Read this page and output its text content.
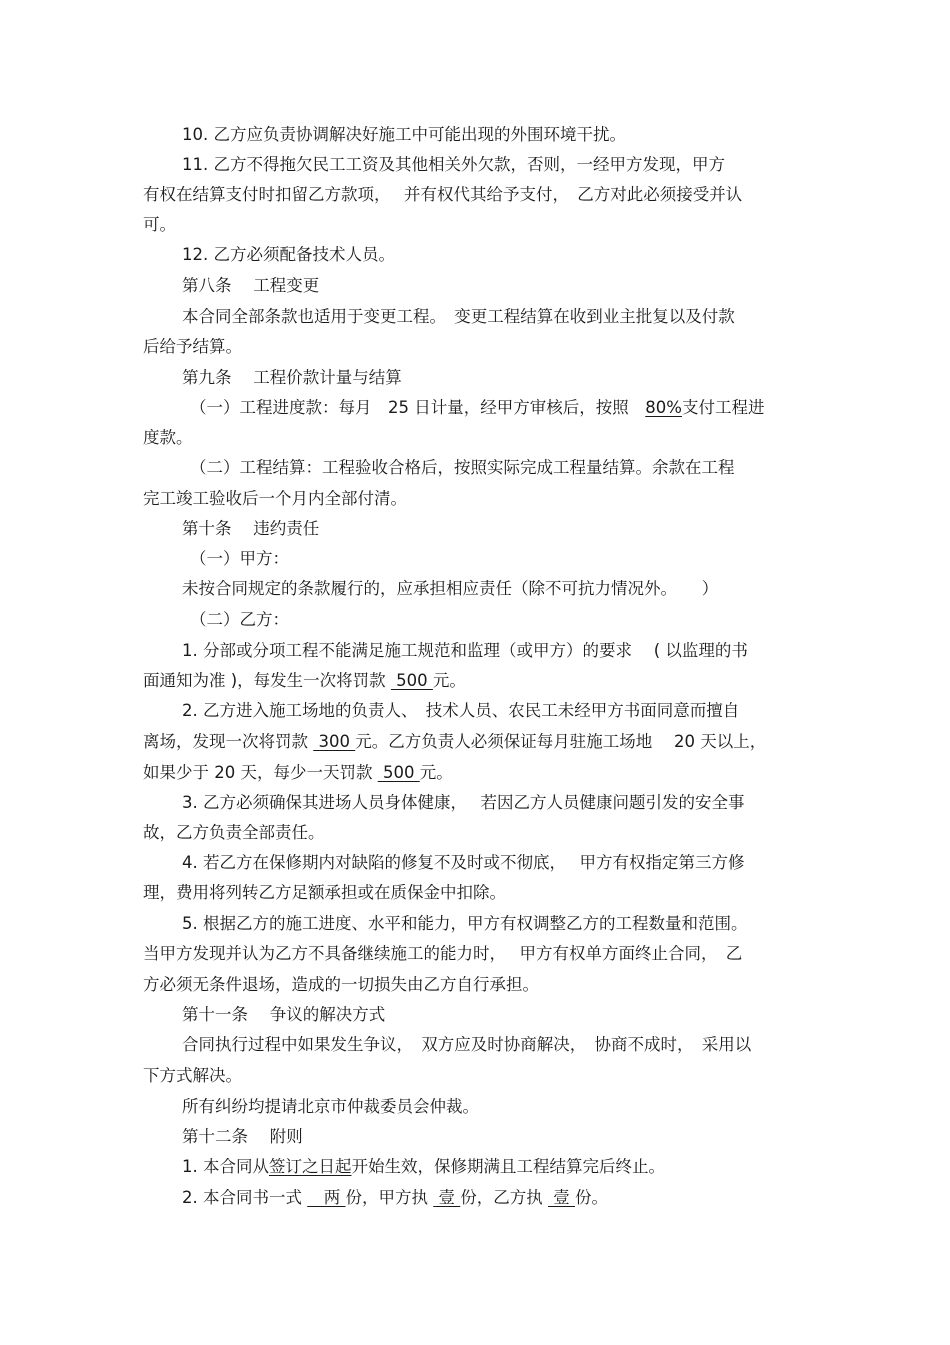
10. 乙方应负责协调解决好施工中可能出现的外围环境干扰。
11. 乙方不得拖欠民工工资及其他相关外欠款，否则，一经甲方发现，甲方
有权在结算支付时扣留乙方款项，　 并有权代其给予支付，　乙方对此必须接受并认
可。
12. 乙方必须配备技术人员。
第八条　 工程变更
本合同全部条款也适用于变更工程。　变更工程结算在收到业主批复以及付款
后给予结算。
第九条　 工程价款计量与结算
（一）工程进度款：每月　25 日计量，经甲方审核后，按照　80%支付工程进
度款。
（二）工程结算：工程验收合格后，按照实际完成工程量结算。余款在工程
完工竣工验收后一个月内全部付清。
第十条　 违约责任
（一）甲方：
未按合同规定的条款履行的，应承担相应责任（除不可抗力情况外。　　）
（二）乙方：
1. 分部或分项工程不能满足施工规范和监理（或甲方）的要求　 ( 以监理的书
面通知为准 )，每发生一次将罚款  500 元。
2. 乙方进入施工场地的负责人、　技术人员、农民工未经甲方书面同意而擅自
离场，发现一次将罚款  300 元。乙方负责人必须保证每月驻施工场地　 20 天以上，
如果少于 20 天，每少一天罚款  500 元。
3. 乙方必须确保其进场人员身体健康，　 若因乙方人员健康问题引发的安全事
故，乙方负责全部责任。
4. 若乙方在保修期内对缺陷的修复不及时或不彻底，　 甲方有权指定第三方修
理，费用将列转乙方足额承担或在质保金中扣除。
5. 根据乙方的施工进度、水平和能力，甲方有权调整乙方的工程数量和范围。
当甲方发现并认为乙方不具备继续施工的能力时，　 甲方有权单方面终止合同，　乙
方必须无条件退场，造成的一切损失由乙方自行承担。
第十一条　 争议的解决方式
合同执行过程中如果发生争议，　双方应及时协商解决，　协商不成时，　采用以
下方式解决。
所有纠纷均提请北京市仲裁委员会仲裁。
第十二条　 附则
1. 本合同从签订之日起开始生效，保修期满且工程结算完后终止。
2. 本合同书一式 　两 份，甲方执  壹 份，乙方执  壹 份。
